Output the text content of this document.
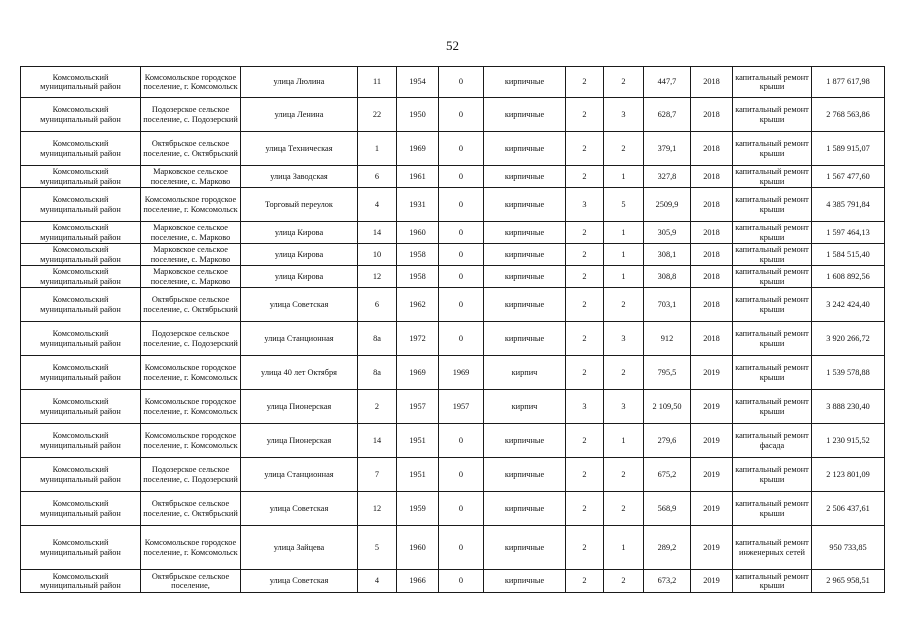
52
Комсомольский муниципальный район	Комсомольское городское поселение, г. Комсомольск	улица Люлина	11	1954	0	кирпичные	2	2	447,7	2018	капитальный ремонт крыши	1 877 617,98
Комсомольский муниципальный район	Подозерское сельское поселение, с. Подозерский	улица Ленина	22	1950	0	кирпичные	2	3	628,7	2018	капитальный ремонт крыши	2 768 563,86
Комсомольский муниципальный район	Октябрьское сельское поселение, с. Октябрьский	улица Техническая	1	1969	0	кирпичные	2	2	379,1	2018	капитальный ремонт крыши	1 589 915,07
Комсомольский муниципальный район	Марковское сельское поселение, с. Марково	улица Заводская	6	1961	0	кирпичные	2	1	327,8	2018	капитальный ремонт крыши	1 567 477,60
Комсомольский муниципальный район	Комсомольское городское поселение, г. Комсомольск	Торговый переулок	4	1931	0	кирпичные	3	5	2509,9	2018	капитальный ремонт крыши	4 385 791,84
Комсомольский муниципальный район	Марковское сельское поселение, с. Марково	улица Кирова	14	1960	0	кирпичные	2	1	305,9	2018	капитальный ремонт крыши	1 597 464,13
Комсомольский муниципальный район	Марковское сельское поселение, с. Марково	улица Кирова	10	1958	0	кирпичные	2	1	308,1	2018	капитальный ремонт крыши	1 584 515,40
Комсомольский муниципальный район	Марковское сельское поселение, с. Марково	улица Кирова	12	1958	0	кирпичные	2	1	308,8	2018	капитальный ремонт крыши	1 608 892,56
Комсомольский муниципальный район	Октябрьское сельское поселение, с. Октябрьский	улица Советская	6	1962	0	кирпичные	2	2	703,1	2018	капитальный ремонт крыши	3 242 424,40
Комсомольский муниципальный район	Подозерское сельское поселение, с. Подозерский	улица Станционная	8а	1972	0	кирпичные	2	3	912	2018	капитальный ремонт крыши	3 920 266,72
Комсомольский муниципальный район	Комсомольское городское поселение, г. Комсомольск	улица 40 лет Октября	8а	1969	1969	кирпич	2	2	795,5	2019	капитальный ремонт крыши	1 539 578,88
Комсомольский муниципальный район	Комсомольское городское поселение, г. Комсомольск	улица Пионерская	2	1957	1957	кирпич	3	3	2 109,50	2019	капитальный ремонт крыши	3 888 230,40
Комсомольский муниципальный район	Комсомольское городское поселение, г. Комсомольск	улица Пионерская	14	1951	0	кирпичные	2	1	279,6	2019	капитальный ремонт фасада	1 230 915,52
Комсомольский муниципальный район	Подозерское сельское поселение, с. Подозерский	улица Станционная	7	1951	0	кирпичные	2	2	675,2	2019	капитальный ремонт крыши	2 123 801,09
Комсомольский муниципальный район	Октябрьское сельское поселение, с. Октябрьский	улица Советская	12	1959	0	кирпичные	2	2	568,9	2019	капитальный ремонт крыши	2 506 437,61
Комсомольский муниципальный район	Комсомольское городское поселение, г. Комсомольск	улица Зайцева	5	1960	0	кирпичные	2	1	289,2	2019	капитальный ремонт инженерных сетей	950 733,85
Комсомольский муниципальный район	Октябрьское сельское поселение,	улица Советская	4	1966	0	кирпичные	2	2	673,2	2019	капитальный ремонт крыши	2 965 958,51
